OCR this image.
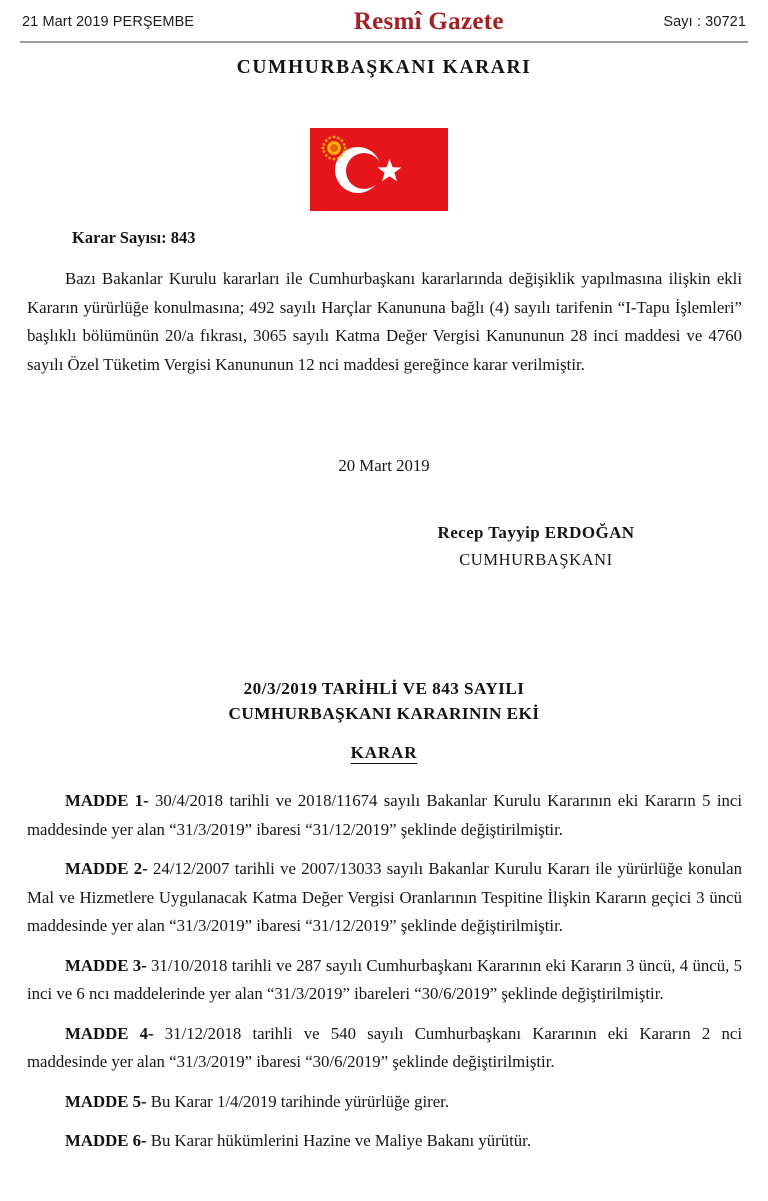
21 Mart 2019 PERŞEMBE	Resmî Gazete	Sayı : 30721
CUMHURBAŞKANI KARARI
Karar Sayısı: 843

Bazı Bakanlar Kurulu kararları ile Cumhurbaşkanı kararlarında değişiklik yapılmasına ilişkin ekli Kararın yürürlüğe konulmasına; 492 sayılı Harçlar Kanununa bağlı (4) sayılı tarifenin “I-Tapu İşlemleri” başlıklı bölümünün 20/a fıkrası, 3065 sayılı Katma Değer Vergisi Kanununun 28 inci maddesi ve 4760 sayılı Özel Tüketim Vergisi Kanununun 12 nci maddesi gereğince karar verilmiştir.

20 Mart 2019
Recep Tayyip ERDOĞAN
CUMHURBAŞKANI
20/3/2019 TARİHLİ VE 843 SAYILI
CUMHURBAŞKANI KARARININ EKİ
KARAR

MADDE 1- 30/4/2018 tarihli ve 2018/11674 sayılı Bakanlar Kurulu Kararının eki Kararın 5 inci maddesinde yer alan “31/3/2019” ibaresi “31/12/2019” şeklinde değiştirilmiştir.

MADDE 2- 24/12/2007 tarihli ve 2007/13033 sayılı Bakanlar Kurulu Kararı ile yürürlüğe konulan Mal ve Hizmetlere Uygulanacak Katma Değer Vergisi Oranlarının Tespitine İlişkin Kararın geçici 3 üncü maddesinde yer alan “31/3/2019” ibaresi “31/12/2019” şeklinde değiştirilmiştir.

MADDE 3- 31/10/2018 tarihli ve 287 sayılı Cumhurbaşkanı Kararının eki Kararın 3 üncü, 4 üncü, 5 inci ve 6 ncı maddelerinde yer alan “31/3/2019” ibareleri “30/6/2019” şeklinde değiştirilmiştir.

MADDE 4- 31/12/2018 tarihli ve 540 sayılı Cumhurbaşkanı Kararının eki Kararın 2 nci maddesinde yer alan “31/3/2019” ibaresi “30/6/2019” şeklinde değiştirilmiştir.

MADDE 5- Bu Karar 1/4/2019 tarihinde yürürlüğe girer.

MADDE 6- Bu Karar hükümlerini Hazine ve Maliye Bakanı yürütür.
